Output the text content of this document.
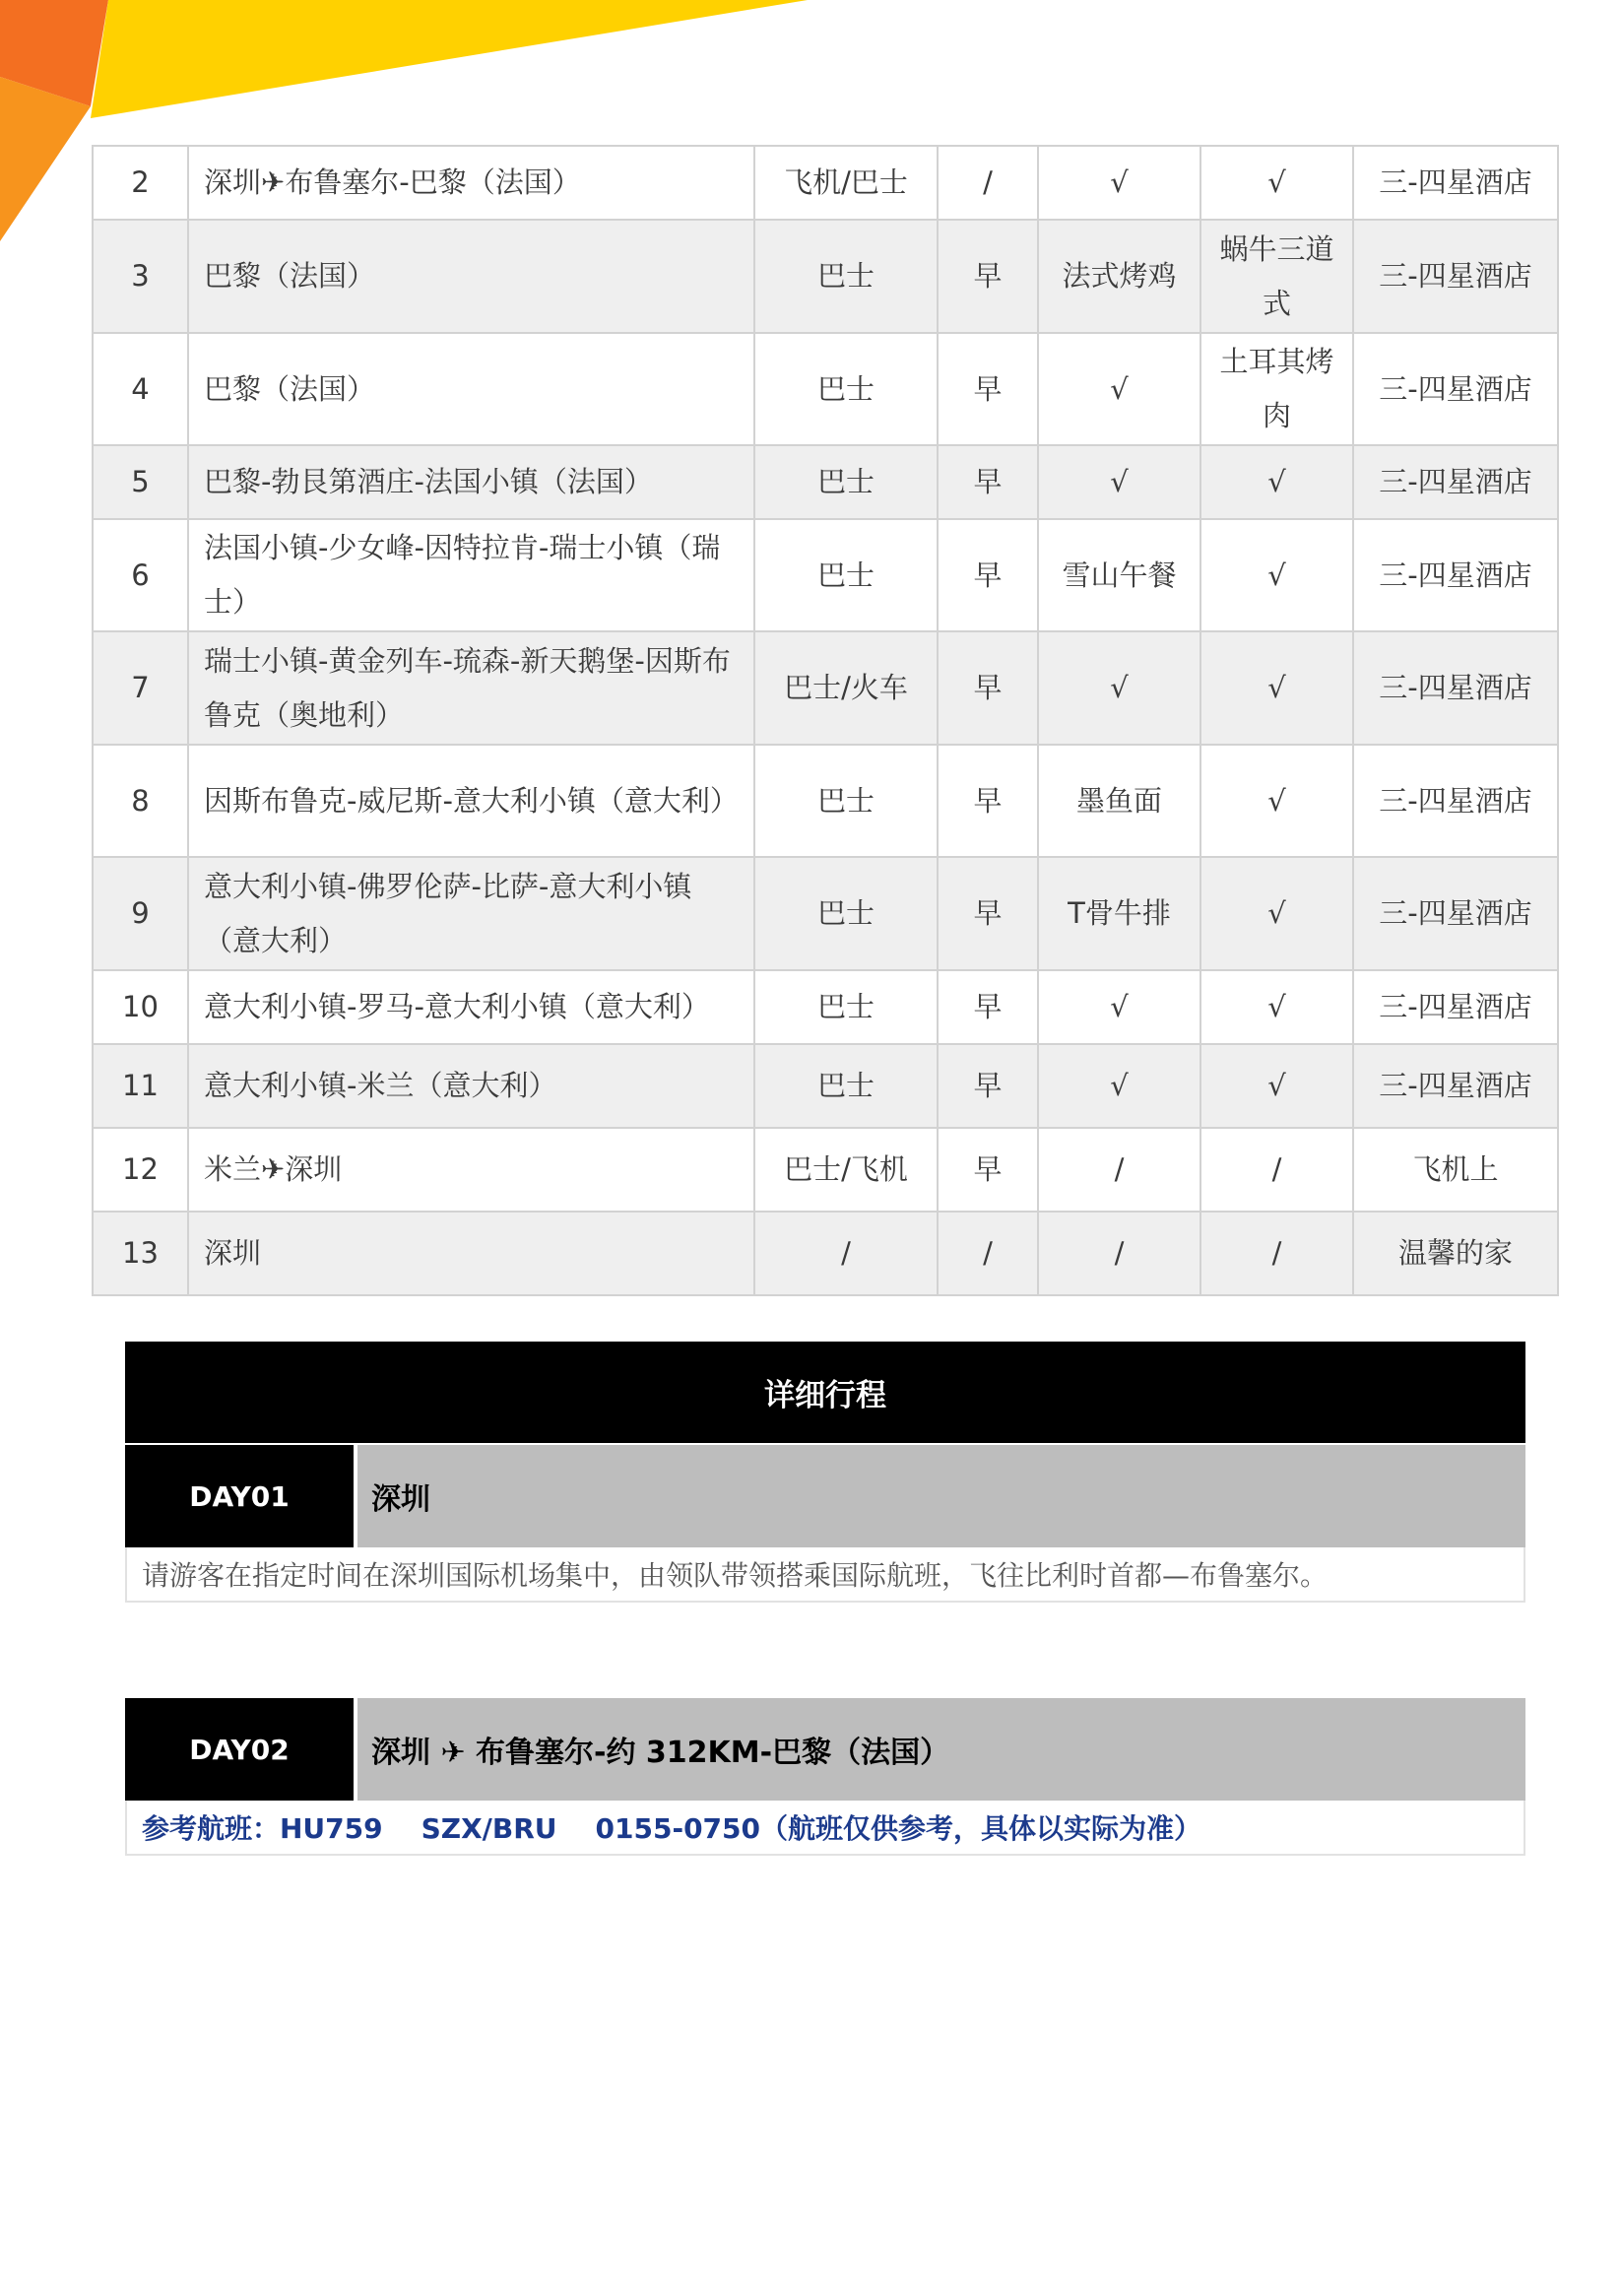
2	深圳✈布鲁塞尔-巴黎（法国）	飞机/巴士	/	√	√	三-四星酒店
3	巴黎（法国）	巴士	早	法式烤鸡	蜗牛三道式	三-四星酒店
4	巴黎（法国）	巴士	早	√	土耳其烤肉	三-四星酒店
5	巴黎-勃艮第酒庄-法国小镇（法国）	巴士	早	√	√	三-四星酒店
6	法国小镇-少女峰-因特拉肯-瑞士小镇（瑞士）	巴士	早	雪山午餐	√	三-四星酒店
7	瑞士小镇-黄金列车-琉森-新天鹅堡-因斯布鲁克（奥地利）	巴士/火车	早	√	√	三-四星酒店
8	因斯布鲁克-威尼斯-意大利小镇（意大利）	巴士	早	墨鱼面	√	三-四星酒店
9	意大利小镇-佛罗伦萨-比萨-意大利小镇（意大利）	巴士	早	T骨牛排	√	三-四星酒店
10	意大利小镇-罗马-意大利小镇（意大利）	巴士	早	√	√	三-四星酒店
11	意大利小镇-米兰（意大利）	巴士	早	√	√	三-四星酒店
12	米兰✈深圳	巴士/飞机	早	/	/	飞机上
13	深圳	/	/	/	/	温馨的家
详细行程
DAY01	深圳
请游客在指定时间在深圳国际机场集中，由领队带领搭乘国际航班，飞往比利时首都—布鲁塞尔。
DAY02	深圳 ✈ 布鲁塞尔-约 312KM-巴黎（法国）
参考航班：HU759    SZX/BRU    0155-0750（航班仅供参考，具体以实际为准）
